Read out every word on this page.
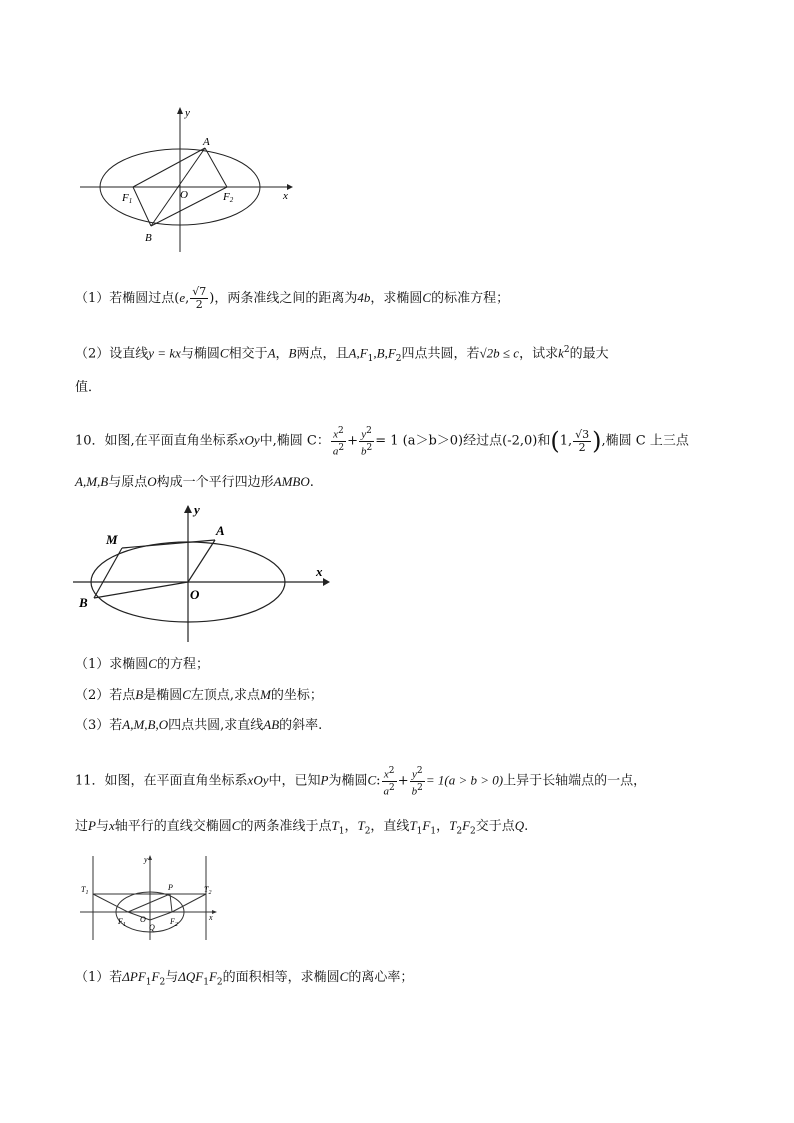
y
x
A
B
O
F1	F2
（1）若椭圆过点(e, $\frac{√7}{2}$ )，两条准线之间的距离为4b，求椭圆C的标准方程；
（2）设直线y = kx与椭圆C相交于A，B两点，且$A,F_1,B,F_2$四点共圆，若√2b ≤ c，试求$k^2$的最大
值．
10．如图,在平面直角坐标系xOy中,椭圆 C： $\frac{x^2}{a^2} + \frac{y^2}{b^2} = 1$ (a＞b＞0)经过点(-2,0)和(1, $\frac{√3}{2}$ ),椭圆 C 上三点
A,M,B与原点O构成一个平行四边形AMBO.
y
x
M
A
B
O
（1）求椭圆C的方程；
（2）若点B是椭圆C左顶点,求点M的坐标；
（3）若A,M,B,O四点共圆,求直线AB的斜率.
11．如图，在平面直角坐标系xOy中，已知P为椭圆C: $\frac{x^2}{a^2} + \frac{y^2}{b^2} = 1(a > b > 0)$上异于长轴端点的一点，
过P与x轴平行的直线交椭圆C的两条准线于点$T_1$，$T_2$，直线$T_1F_1$，$T_2F_2$交于点Q.
$T_1$	$T_2$
P
$F_1$	$F_2$
O
Q
y
x
（1）若$\Delta PF_1F_2$与$\Delta QF_1F_2$的面积相等，求椭圆C的离心率；
